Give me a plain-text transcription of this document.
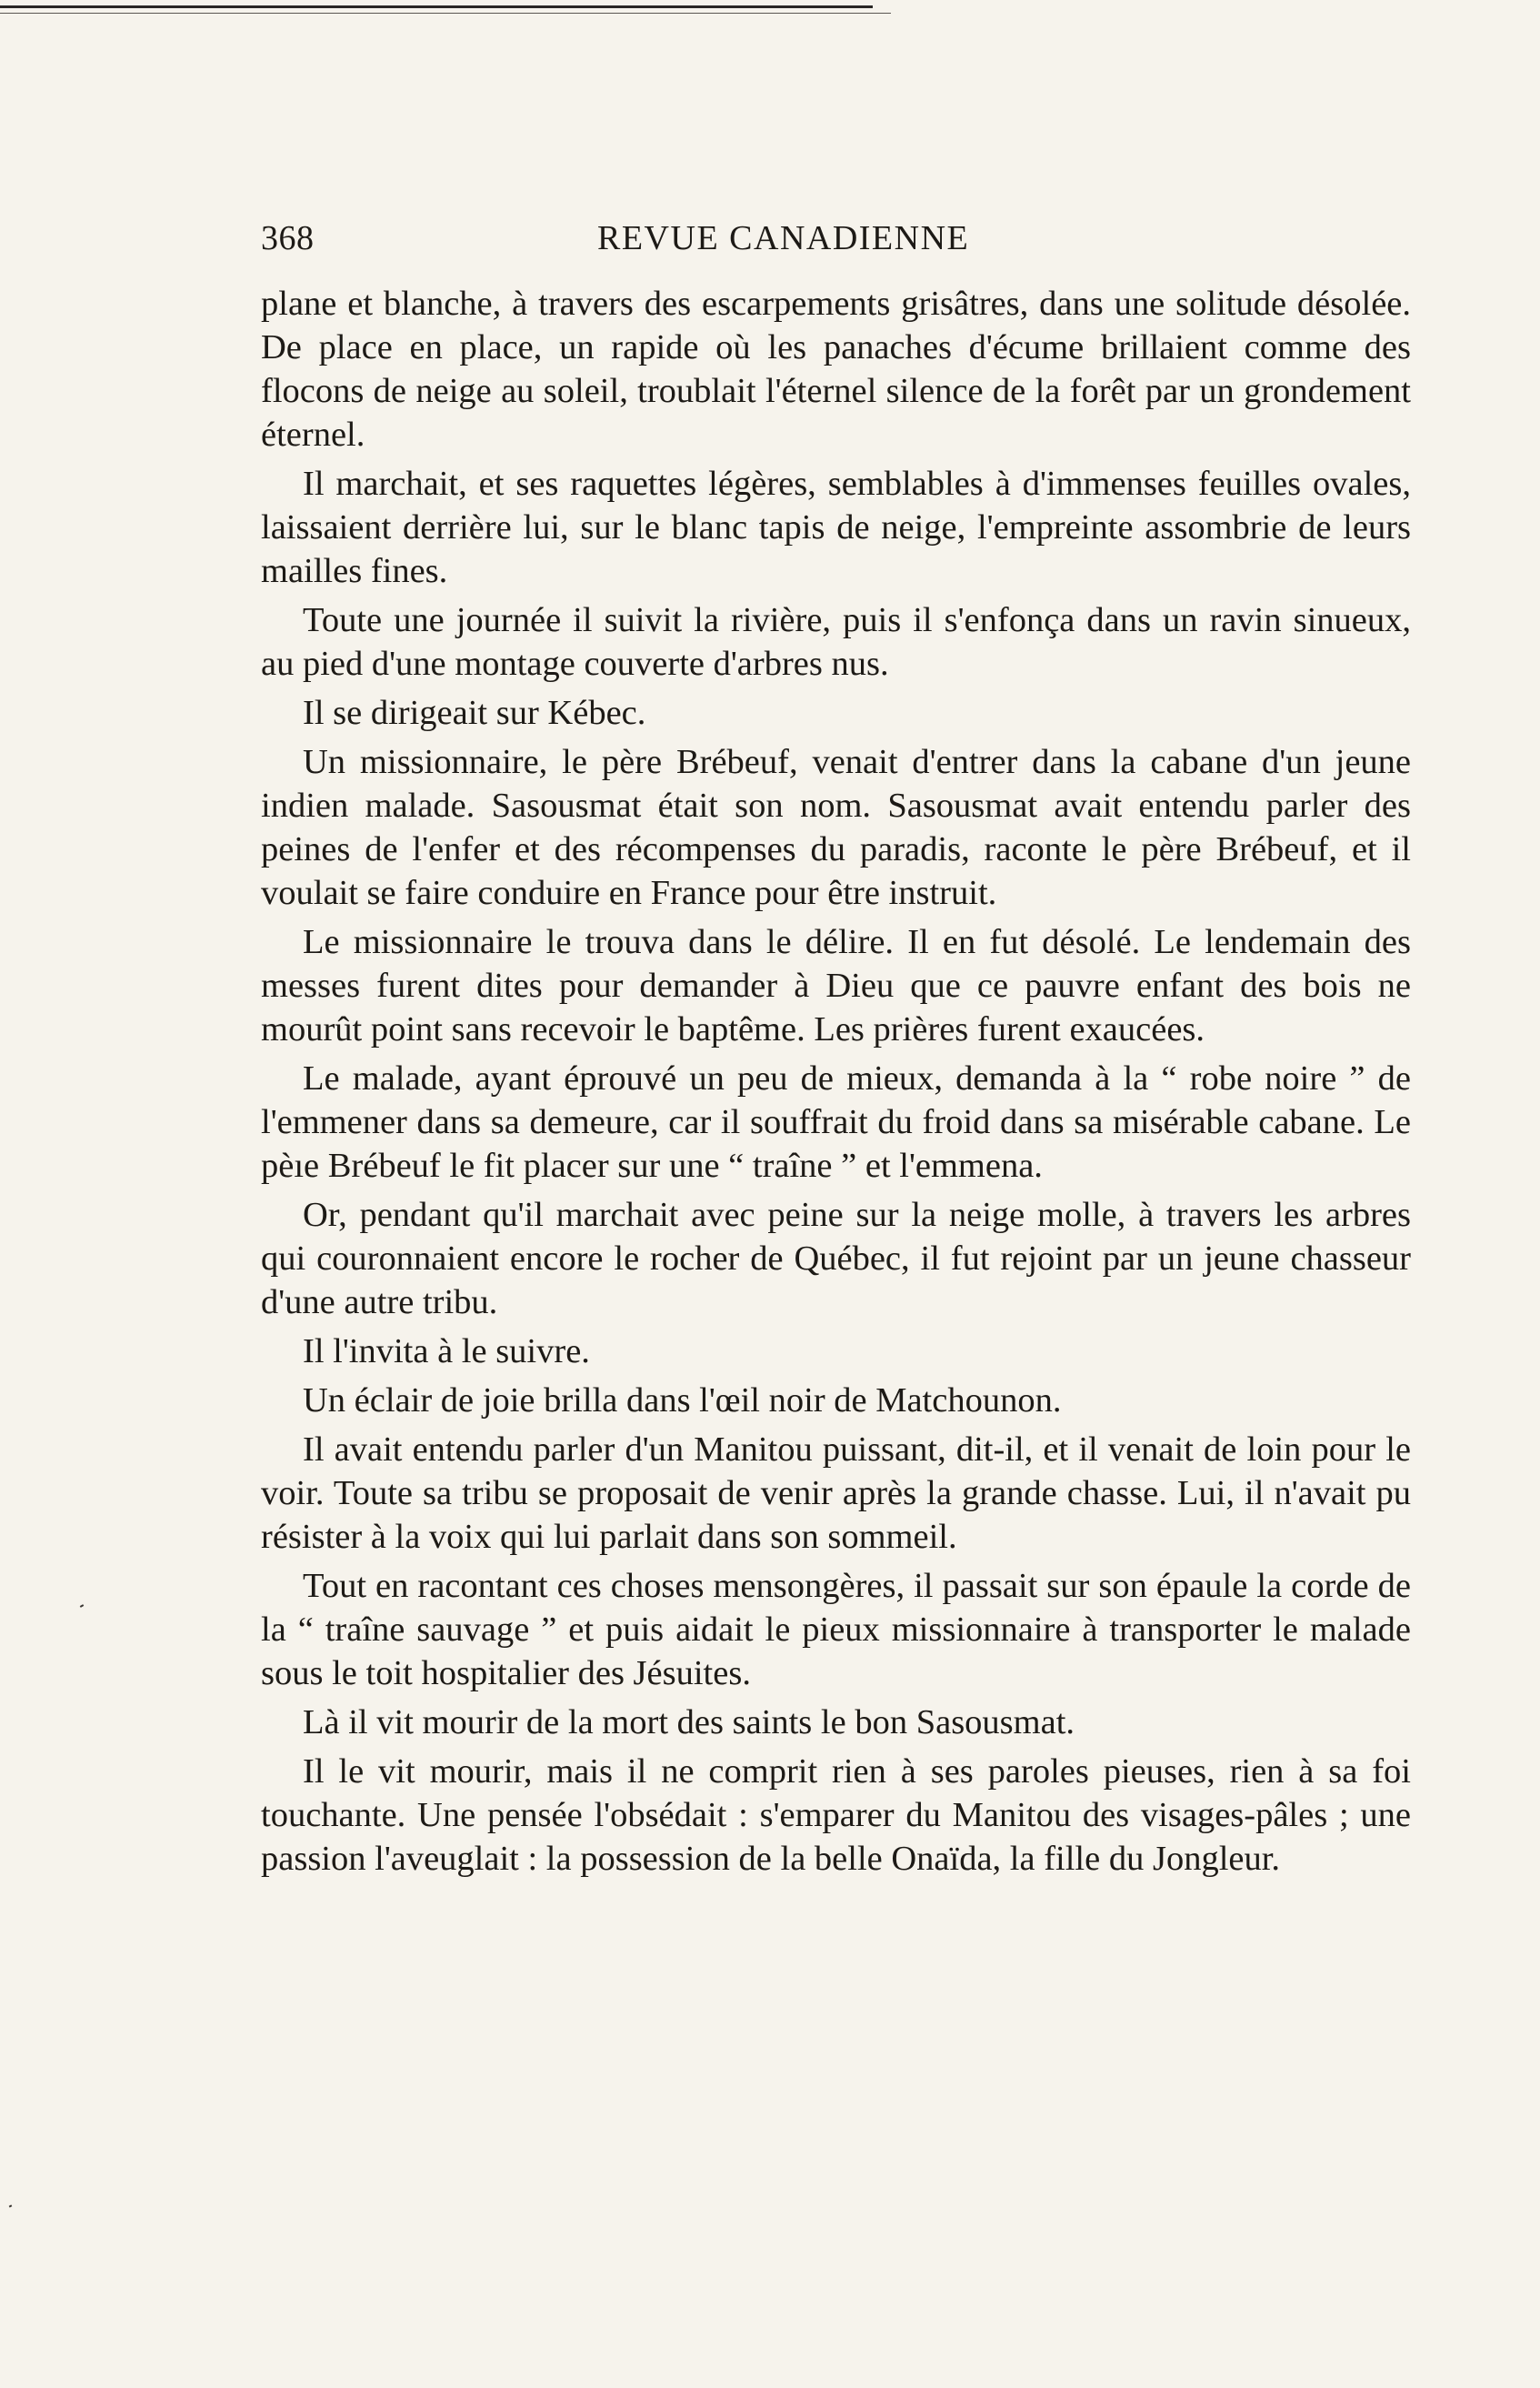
368	REVUE CANADIENNE

plane et blanche, à travers des escarpements grisâtres, dans une solitude désolée. De place en place, un rapide où les panaches d'écume brillaient comme des flocons de neige au soleil, troublait l'éternel silence de la forêt par un grondement éternel.

Il marchait, et ses raquettes légères, semblables à d'immenses feuilles ovales, laissaient derrière lui, sur le blanc tapis de neige, l'empreinte assombrie de leurs mailles fines.

Toute une journée il suivit la rivière, puis il s'enfonça dans un ravin sinueux, au pied d'une montage couverte d'arbres nus.

Il se dirigeait sur Kébec.

Un missionnaire, le père Brébeuf, venait d'entrer dans la cabane d'un jeune indien malade. Sasousmat était son nom. Sasousmat avait entendu parler des peines de l'enfer et des récompenses du paradis, raconte le père Brébeuf, et il voulait se faire conduire en France pour être instruit.

Le missionnaire le trouva dans le délire. Il en fut désolé. Le lendemain des messes furent dites pour demander à Dieu que ce pauvre enfant des bois ne mourût point sans recevoir le baptême. Les prières furent exaucées.

Le malade, ayant éprouvé un peu de mieux, demanda à la “ robe noire ” de l'emmener dans sa demeure, car il souffrait du froid dans sa misérable cabane. Le pèıe Brébeuf le fit placer sur une “ traîne ” et l'emmena.

Or, pendant qu'il marchait avec peine sur la neige molle, à travers les arbres qui couronnaient encore le rocher de Québec, il fut rejoint par un jeune chasseur d'une autre tribu.

Il l'invita à le suivre.

Un éclair de joie brilla dans l'œil noir de Matchounon.

Il avait entendu parler d'un Manitou puissant, dit-il, et il venait de loin pour le voir. Toute sa tribu se proposait de venir après la grande chasse. Lui, il n'avait pu résister à la voix qui lui parlait dans son sommeil.

Tout en racontant ces choses mensongères, il passait sur son épaule la corde de la “ traîne sauvage ” et puis aidait le pieux missionnaire à transporter le malade sous le toit hospitalier des Jésuites.

Là il vit mourir de la mort des saints le bon Sasousmat.

Il le vit mourir, mais il ne comprit rien à ses paroles pieuses, rien à sa foi touchante. Une pensée l'obsédait : s'emparer du Manitou des visages-pâles ; une passion l'aveuglait : la possession de la belle Onaïda, la fille du Jongleur.
